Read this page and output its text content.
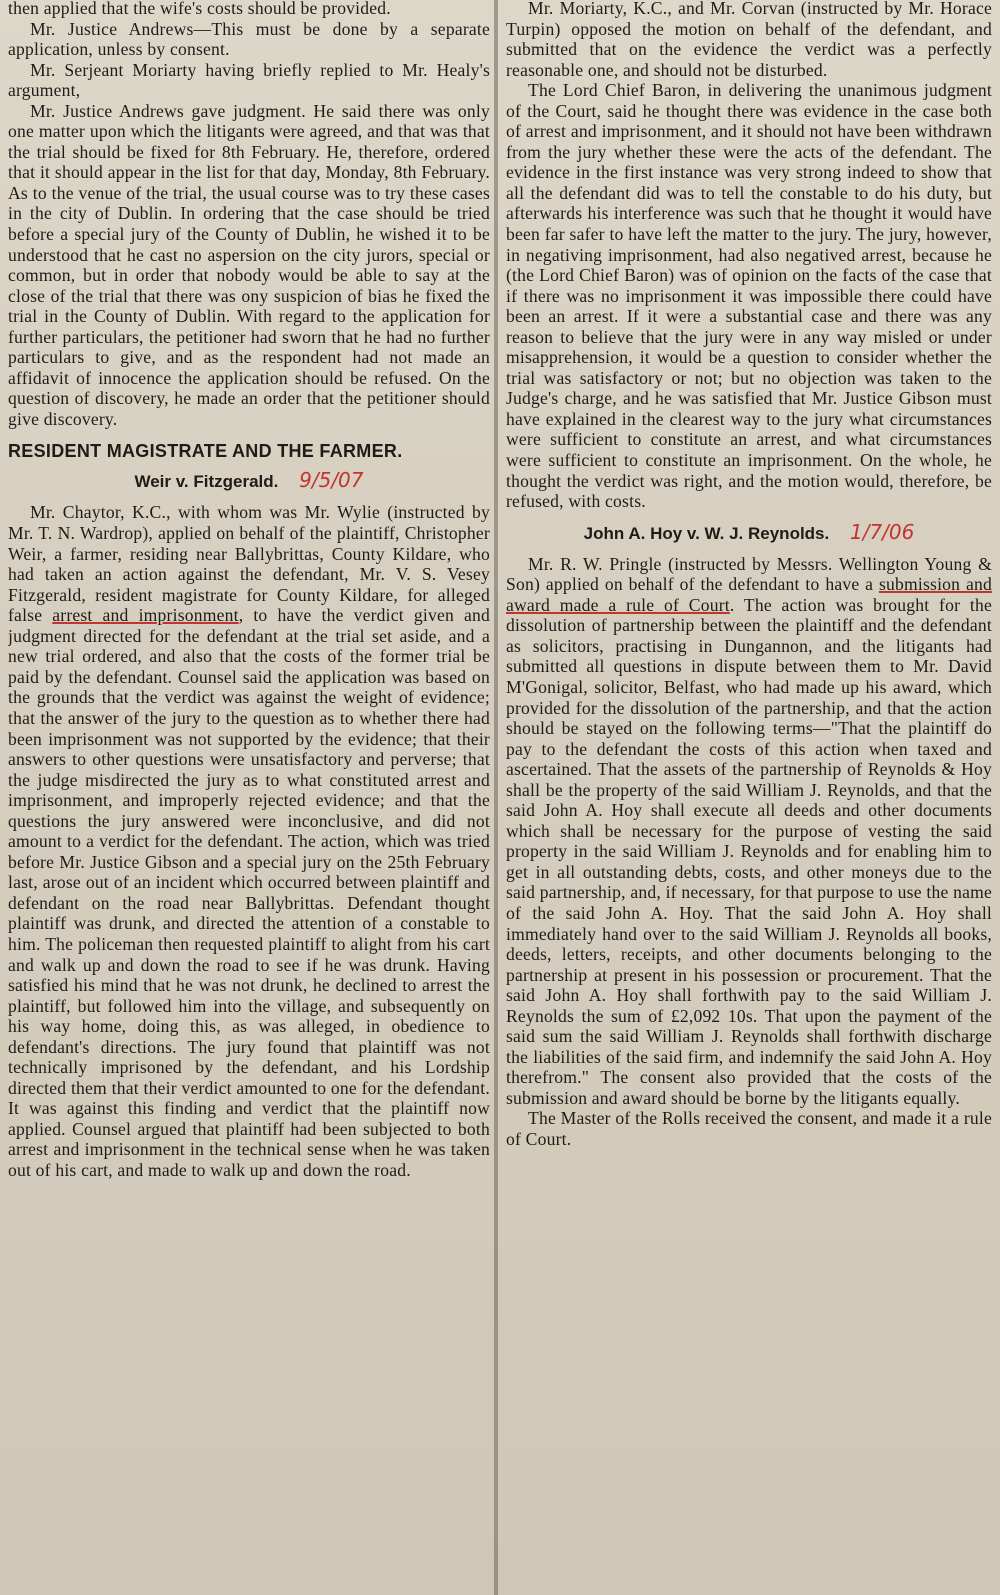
then applied that the wife's costs should be provided.

Mr. Justice Andrews—This must be done by a separate application, unless by consent.

Mr. Serjeant Moriarty having briefly replied to Mr. Healy's argument,

Mr. Justice Andrews gave judgment. He said there was only one matter upon which the litigants were agreed, and that was that the trial should be fixed for 8th February. He, therefore, ordered that it should appear in the list for that day, Monday, 8th February. As to the venue of the trial, the usual course was to try these cases in the city of Dublin. In ordering that the case should be tried before a special jury of the County of Dublin, he wished it to be understood that he cast no aspersion on the city jurors, special or common, but in order that nobody would be able to say at the close of the trial that there was ony suspicion of bias he fixed the trial in the County of Dublin. With regard to the application for further particulars, the petitioner had sworn that he had no further particulars to give, and as the respondent had not made an affidavit of innocence the application should be refused. On the question of discovery, he made an order that the petitioner should give discovery.

RESIDENT MAGISTRATE AND THE FARMER.
Weir v. Fitzgerald. 9/5/07

Mr. Chaytor, K.C., with whom was Mr. Wylie (instructed by Mr. T. N. Wardrop), applied on behalf of the plaintiff, Christopher Weir, a farmer, residing near Ballybrittas, County Kildare, who had taken an action against the defendant, Mr. V. S. Vesey Fitzgerald, resident magistrate for County Kildare, for alleged false arrest and imprisonment, to have the verdict given and judgment directed for the defendant at the trial set aside, and a new trial ordered, and also that the costs of the former trial be paid by the defendant. Counsel said the application was based on the grounds that the verdict was against the weight of evidence; that the answer of the jury to the question as to whether there had been imprisonment was not supported by the evidence; that their answers to other questions were unsatisfactory and perverse; that the judge misdirected the jury as to what constituted arrest and imprisonment, and improperly rejected evidence; and that the questions the jury answered were inconclusive, and did not amount to a verdict for the defendant. The action, which was tried before Mr. Justice Gibson and a special jury on the 25th February last, arose out of an incident which occurred between plaintiff and defendant on the road near Ballybrittas. Defendant thought plaintiff was drunk, and directed the attention of a constable to him. The policeman then requested plaintiff to alight from his cart and walk up and down the road to see if he was drunk. Having satisfied his mind that he was not drunk, he declined to arrest the plaintiff, but followed him into the village, and subsequently on his way home, doing this, as was alleged, in obedience to defendant's directions. The jury found that plaintiff was not technically imprisoned by the defendant, and his Lordship directed them that their verdict amounted to one for the defendant. It was against this finding and verdict that the plaintiff now applied. Counsel argued that plaintiff had been subjected to both arrest and imprisonment in the technical sense when he was taken out of his cart, and made to walk up and down the road.

Mr. Moriarty, K.C., and Mr. Corvan (instructed by Mr. Horace Turpin) opposed the motion on behalf of the defendant, and submitted that on the evidence the verdict was a perfectly reasonable one, and should not be disturbed.

The Lord Chief Baron, in delivering the unanimous judgment of the Court, said he thought there was evidence in the case both of arrest and imprisonment, and it should not have been withdrawn from the jury whether these were the acts of the defendant. The evidence in the first instance was very strong indeed to show that all the defendant did was to tell the constable to do his duty, but afterwards his interference was such that he thought it would have been far safer to have left the matter to the jury. The jury, however, in negativing imprisonment, had also negatived arrest, because he (the Lord Chief Baron) was of opinion on the facts of the case that if there was no imprisonment it was impossible there could have been an arrest. If it were a substantial case and there was any reason to believe that the jury were in any way misled or under misapprehension, it would be a question to consider whether the trial was satisfactory or not; but no objection was taken to the Judge's charge, and he was satisfied that Mr. Justice Gibson must have explained in the clearest way to the jury what circumstances were sufficient to constitute an arrest, and what circumstances were sufficient to constitute an imprisonment. On the whole, he thought the verdict was right, and the motion would, therefore, be refused, with costs.

John A. Hoy v. W. J. Reynolds. 1/7/06

Mr. R. W. Pringle (instructed by Messrs. Wellington Young & Son) applied on behalf of the defendant to have a submission and award made a rule of Court. The action was brought for the dissolution of partnership between the plaintiff and the defendant as solicitors, practising in Dungannon, and the litigants had submitted all questions in dispute between them to Mr. David M'Gonigal, solicitor, Belfast, who had made up his award, which provided for the dissolution of the partnership, and that the action should be stayed on the following terms—"That the plaintiff do pay to the defendant the costs of this action when taxed and ascertained. That the assets of the partnership of Reynolds & Hoy shall be the property of the said William J. Reynolds, and that the said John A. Hoy shall execute all deeds and other documents which shall be necessary for the purpose of vesting the said property in the said William J. Reynolds and for enabling him to get in all outstanding debts, costs, and other moneys due to the said partnership, and, if necessary, for that purpose to use the name of the said John A. Hoy. That the said John A. Hoy shall immediately hand over to the said William J. Reynolds all books, deeds, letters, receipts, and other documents belonging to the partnership at present in his possession or procurement. That the said John A. Hoy shall forthwith pay to the said William J. Reynolds the sum of £2,092 10s. That upon the payment of the said sum the said William J. Reynolds shall forthwith discharge the liabilities of the said firm, and indemnify the said John A. Hoy therefrom." The consent also provided that the costs of the submission and award should be borne by the litigants equally.

The Master of the Rolls received the consent, and made it a rule of Court.
